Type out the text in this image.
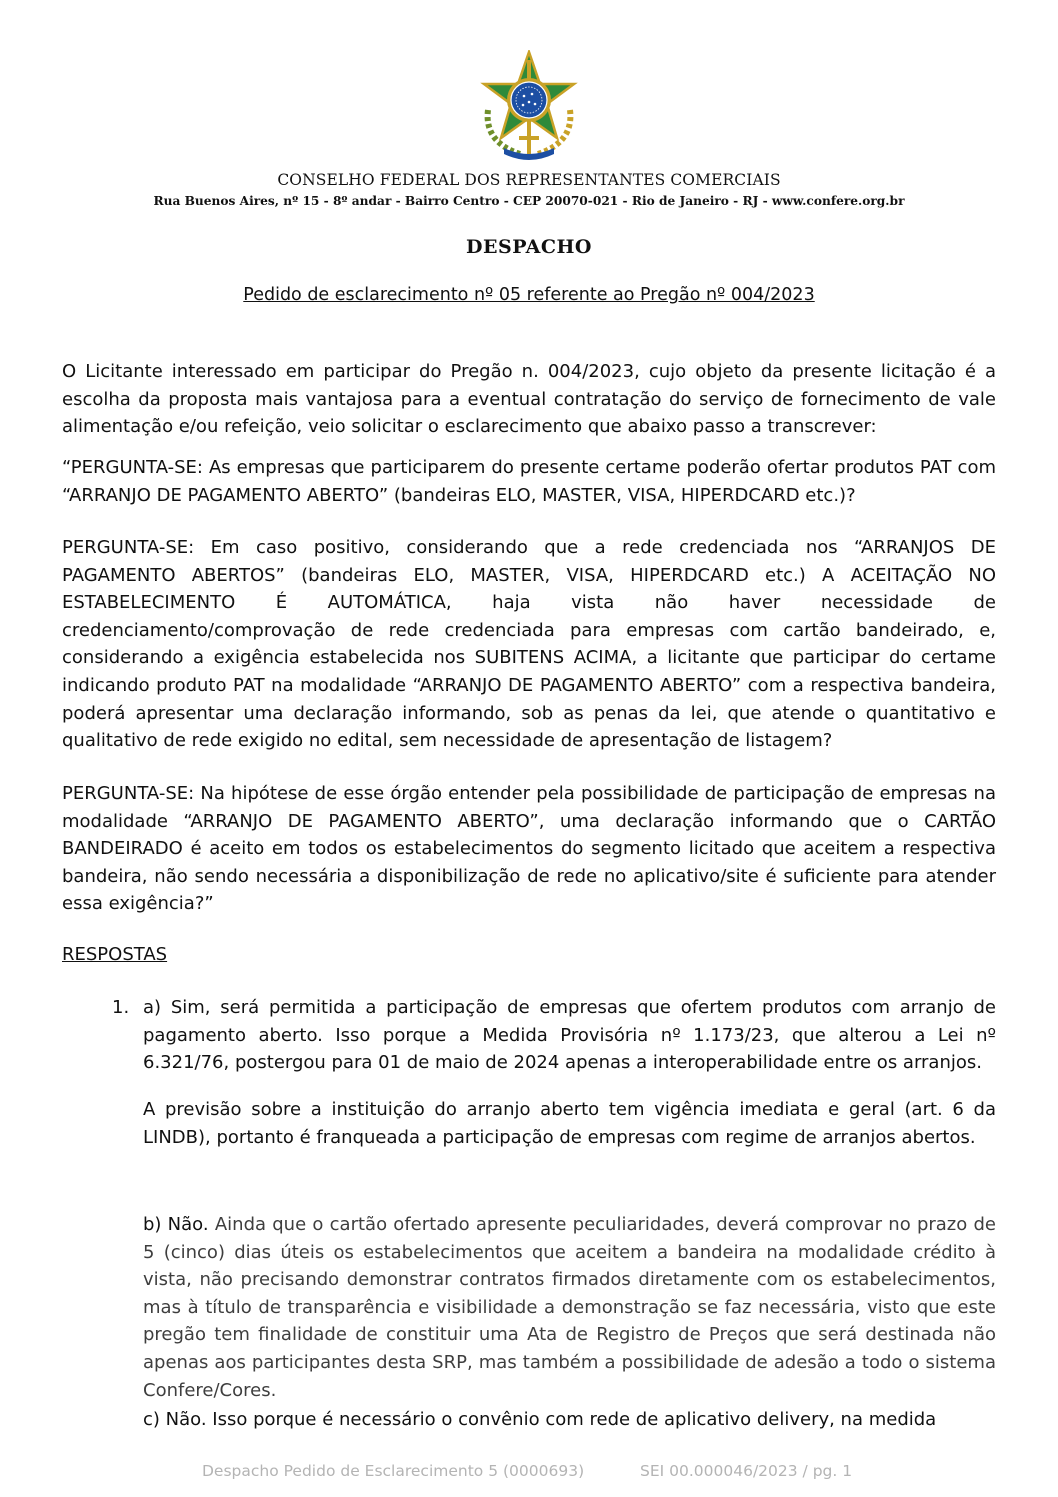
CONSELHO FEDERAL DOS REPRESENTANTES COMERCIAIS
Rua Buenos Aires, nº 15 - 8º andar - Bairro Centro - CEP 20070-021 - Rio de Janeiro - RJ - www.confere.org.br
DESPACHO
Pedido de esclarecimento nº 05 referente ao Pregão nº 004/2023

O Licitante interessado em participar do Pregão n. 004/2023, cujo objeto da presente licitação é a escolha da proposta mais vantajosa para a eventual contratação do serviço de fornecimento de vale alimentação e/ou refeição, veio solicitar o esclarecimento que abaixo passo a transcrever:

“PERGUNTA-SE: As empresas que participarem do presente certame poderão ofertar produtos PAT com “ARRANJO DE PAGAMENTO ABERTO” (bandeiras ELO, MASTER, VISA, HIPERDCARD etc.)?

PERGUNTA-SE: Em caso positivo, considerando que a rede credenciada nos “ARRANJOS DE PAGAMENTO ABERTOS” (bandeiras ELO, MASTER, VISA, HIPERDCARD etc.) A ACEITAÇÃO NO ESTABELECIMENTO É AUTOMÁTICA, haja vista não haver necessidade de credenciamento/comprovação de rede credenciada para empresas com cartão bandeirado, e, considerando a exigência estabelecida nos SUBITENS ACIMA, a licitante que participar do certame indicando produto PAT na modalidade “ARRANJO DE PAGAMENTO ABERTO” com a respectiva bandeira, poderá apresentar uma declaração informando, sob as penas da lei, que atende o quantitativo e qualitativo de rede exigido no edital, sem necessidade de apresentação de listagem?

PERGUNTA-SE: Na hipótese de esse órgão entender pela possibilidade de participação de empresas na modalidade “ARRANJO DE PAGAMENTO ABERTO”, uma declaração informando que o CARTÃO BANDEIRADO é aceito em todos os estabelecimentos do segmento licitado que aceitem a respectiva bandeira, não sendo necessária a disponibilização de rede no aplicativo/site é suficiente para atender essa exigência?”

RESPOSTAS

1. a) Sim, será permitida a participação de empresas que ofertem produtos com arranjo de pagamento aberto. Isso porque a Medida Provisória nº 1.173/23, que alterou a Lei nº 6.321/76, postergou para 01 de maio de 2024 apenas a interoperabilidade entre os arranjos.

A previsão sobre a instituição do arranjo aberto tem vigência imediata e geral (art. 6 da LINDB), portanto é franqueada a participação de empresas com regime de arranjos abertos.

b) Não. Ainda que o cartão ofertado apresente peculiaridades, deverá comprovar no prazo de 5 (cinco) dias úteis os estabelecimentos que aceitem a bandeira na modalidade crédito à vista, não precisando demonstrar contratos firmados diretamente com os estabelecimentos, mas à título de transparência e visibilidade a demonstração se faz necessária, visto que este pregão tem finalidade de constituir uma Ata de Registro de Preços que será destinada não apenas aos participantes desta SRP, mas também a possibilidade de adesão a todo o sistema Confere/Cores.

c) Não. Isso porque é necessário o convênio com rede de aplicativo delivery, na medida

Despacho Pedido de Esclarecimento 5 (0000693)	SEI 00.000046/2023 / pg. 1
